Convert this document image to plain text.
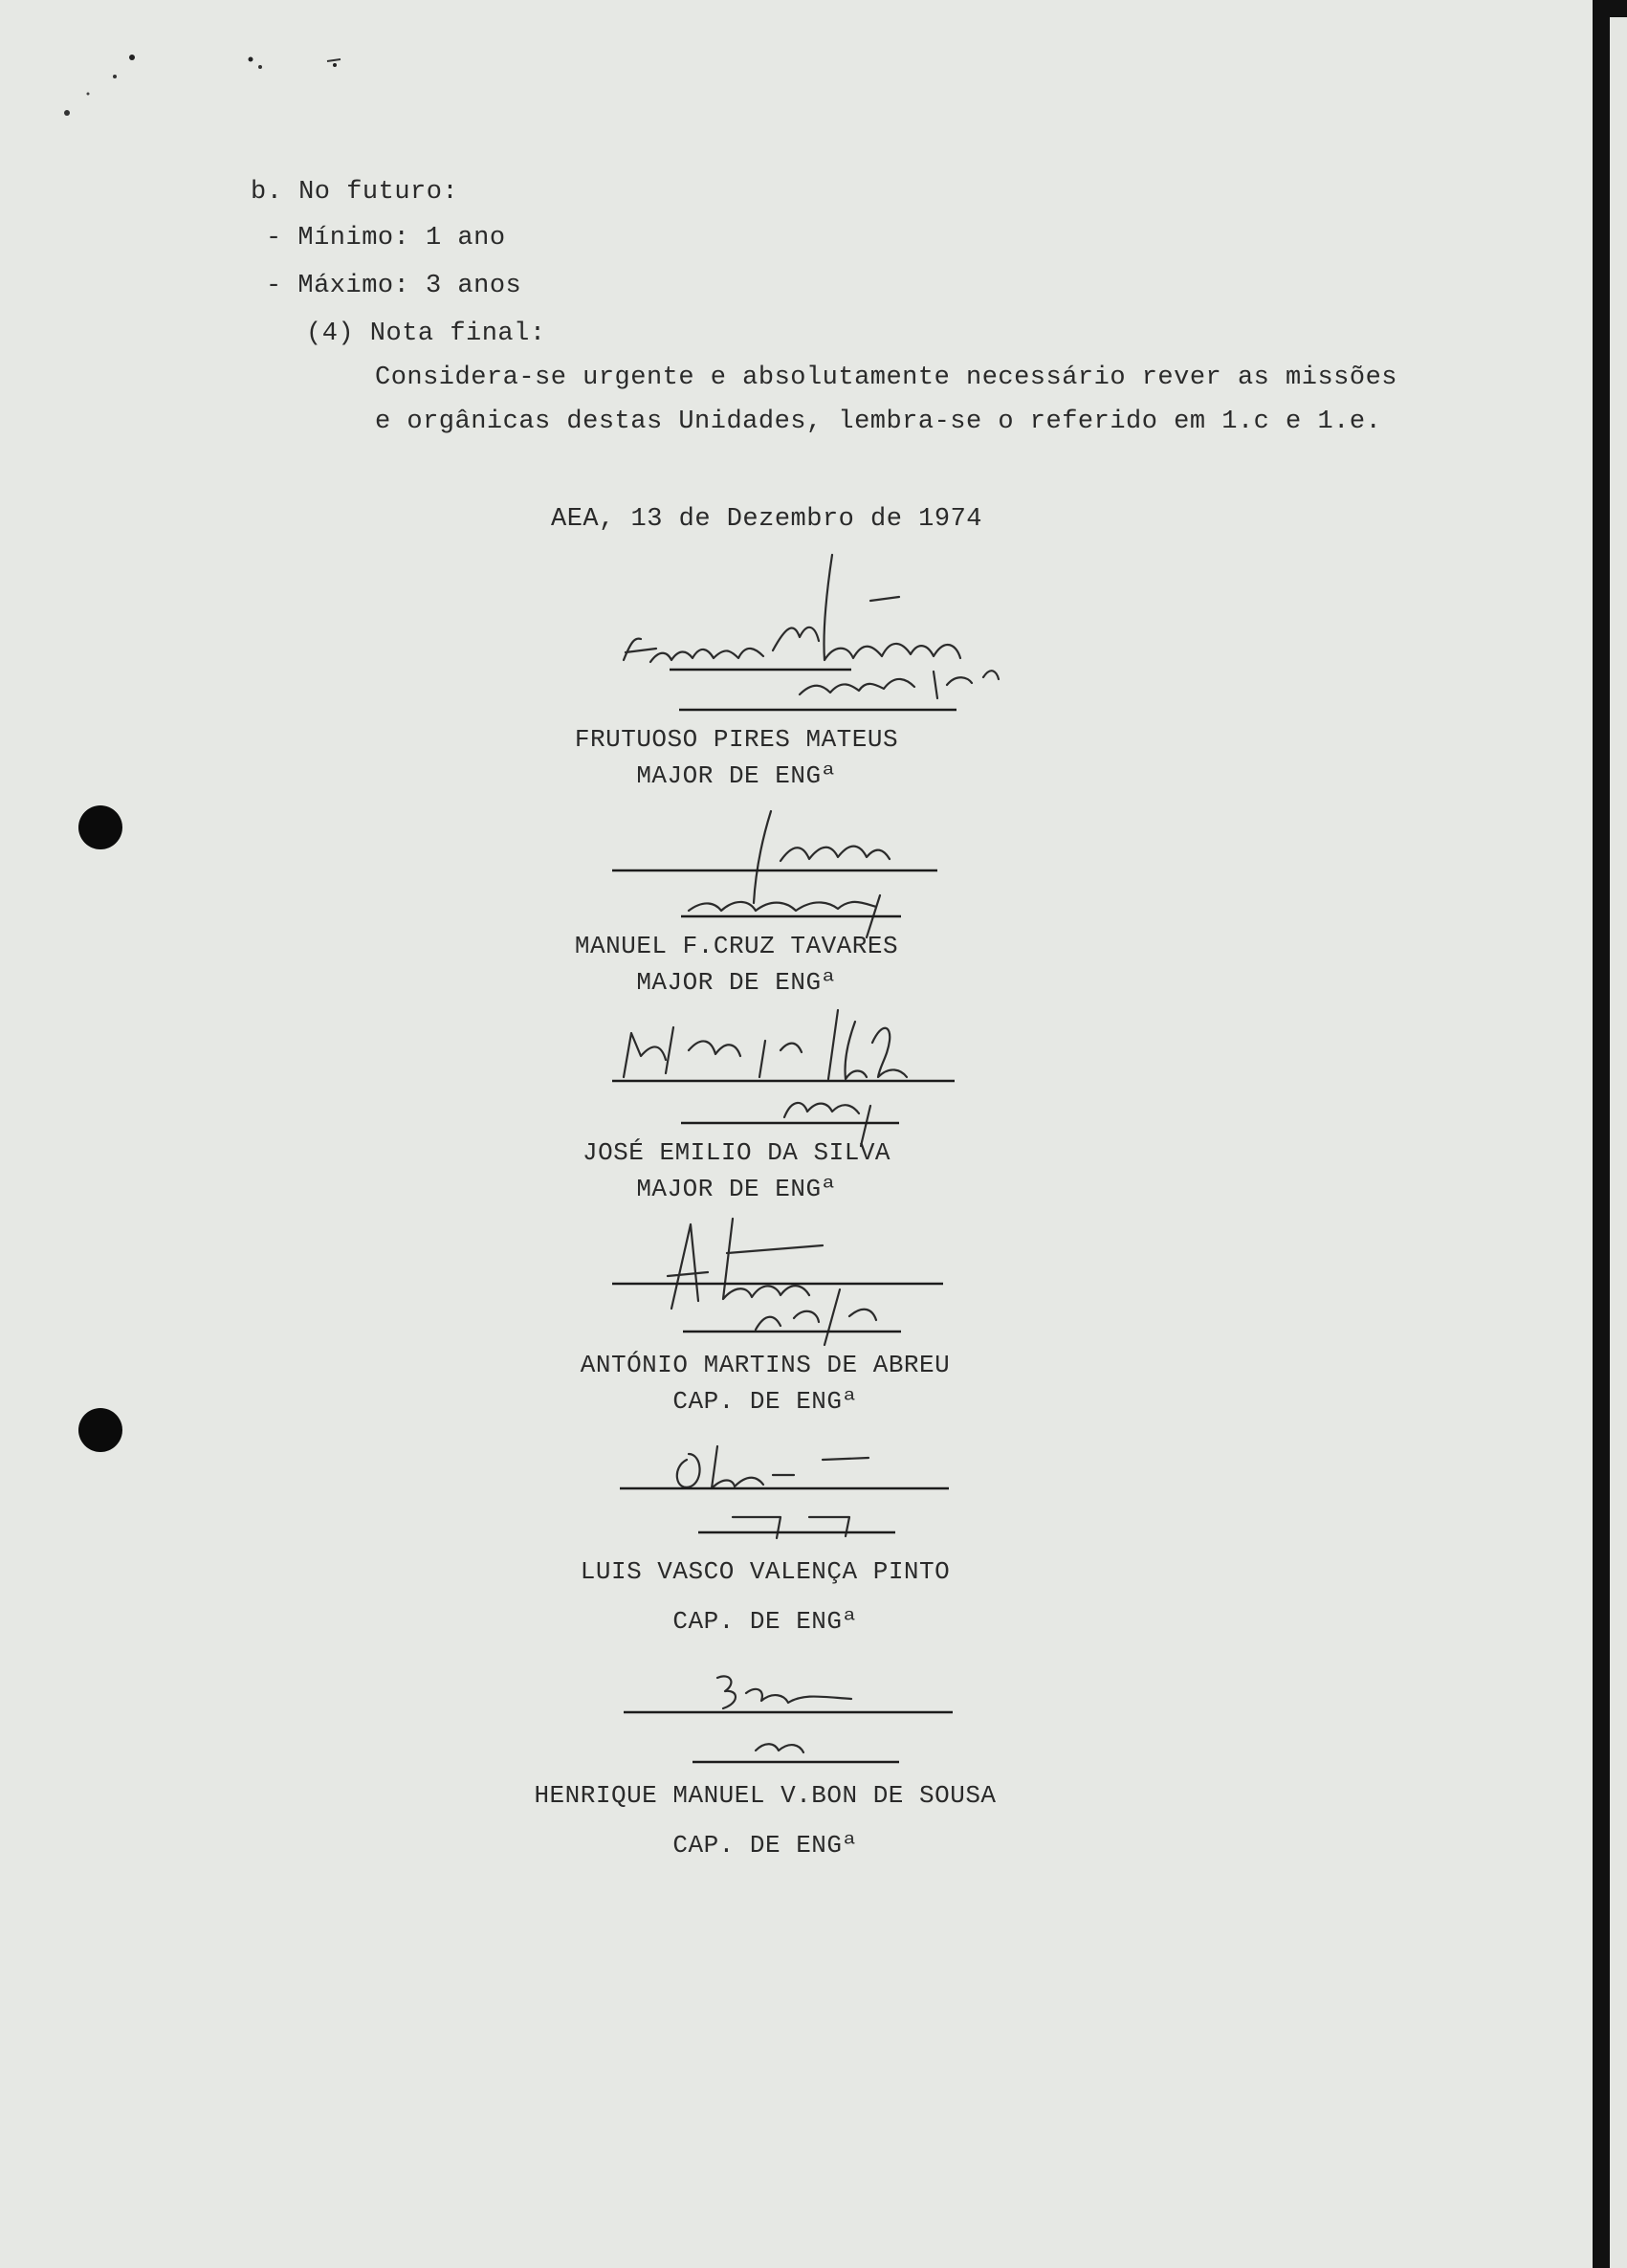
b. No futuro:
- Mínimo: 1 ano
- Máximo: 3 anos
(4) Nota final:
Considera-se urgente e absolutamente necessário rever as missões
e orgânicas destas Unidades, lembra-se o referido em 1.c e 1.e.
AEA, 13 de Dezembro de 1974
FRUTUOSO PIRES MATEUS
MAJOR DE ENGª
MANUEL F.CRUZ TAVARES
MAJOR DE ENGª
JOSÉ EMILIO DA SILVA
MAJOR DE ENGª
ANTÓNIO MARTINS DE ABREU
CAP. DE ENGª
LUIS VASCO VALENÇA PINTO
CAP. DE ENGª
HENRIQUE MANUEL V.BON DE SOUSA
CAP. DE ENGª
